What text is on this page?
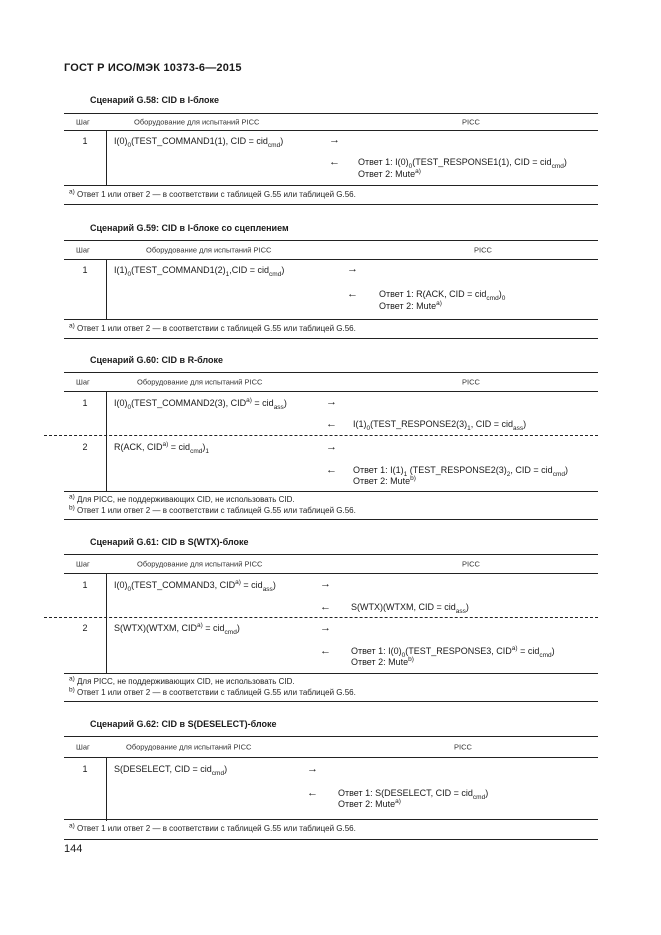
ГОСТ Р ИСО/МЭК 10373-6—2015
Сценарий G.58: CID в I-блоке
Шаг	Оборудование для испытаний PICC	PICC
1	$I(0)_0(TEST\_COMMAND1(1)$, CID = cid$_{cmd}$)	→
← Ответ 1: $I(0)_0(TEST\_RESPONSE1(1)$, CID = cid$_{cmd}$)
Ответ 2: Mute$^{a)}$
$^{a)}$ Ответ 1 или ответ 2 — в соответствии с таблицей G.55 или таблицей G.56.
Сценарий G.59: CID в I-блоке со сцеплением
Шаг	Оборудование для испытаний PICC	PICC
1	$I(1)_0(TEST\_COMMAND1(2)_1,CID = cid_{cmd})$	→
← Ответ 1: R(ACK, CID = $cid_{cmd})_0$
Ответ 2: Mute$^{a)}$
$^{a)}$ Ответ 1 или ответ 2 — в соответствии с таблицей G.55 или таблицей G.56.
Сценарий G.60: CID в R-блоке
Шаг	Оборудование для испытаний PICC	PICC
1	$I(0)_0(TEST\_COMMAND2(3)$, $CID^{a)} = cid_{ass}$)	→
← $I(1)_0(TEST\_RESPONSE2(3)_1$, CID = cid$_{ass}$)
2	R(ACK, $CID^{a)} = cid_{cmd})_1$	→
← Ответ 1: $I(1)_1$ ($TEST\_RESPONSE2(3)_2$, CID = cid$_{cmd}$)
Ответ 2: Mute$^{b)}$
$^{a)}$ Для PICC, не поддерживающих CID, не использовать CID.
$^{b)}$ Ответ 1 или ответ 2 — в соответствии с таблицей G.55 или таблицей G.56.
Сценарий G.61: CID в S(WTX)-блоке
Шаг	Оборудование для испытаний PICC	PICC
1	$I(0)_0(TEST\_COMMAND3$, $CID^{a)} = cid_{ass}$)	→
← S(WTX)(WTXM, CID = cid$_{ass}$)
2	S(WTX)(WTXM, $CID^{a)} = cid_{cmd}$)	→
← Ответ 1: $I(0)_0(TEST\_RESPONSE3$, $CID^{a)} = cid_{cmd}$)
Ответ 2: Mute$^{b)}$
$^{a)}$ Для PICC, не поддерживающих CID, не использовать CID.
$^{b)}$ Ответ 1 или ответ 2 — в соответствии с таблицей G.55 или таблицей G.56.
Сценарий G.62: CID в S(DESELECT)-блоке
Шаг	Оборудование для испытаний PICC	PICC
1	S(DESELECT, CID = cid$_{cmd}$)	→
← Ответ 1: S(DESELECT, CID = cid$_{cmd}$)
Ответ 2: Mute$^{a)}$
$^{a)}$ Ответ 1 или ответ 2 — в соответствии с таблицей G.55 или таблицей G.56.
144
